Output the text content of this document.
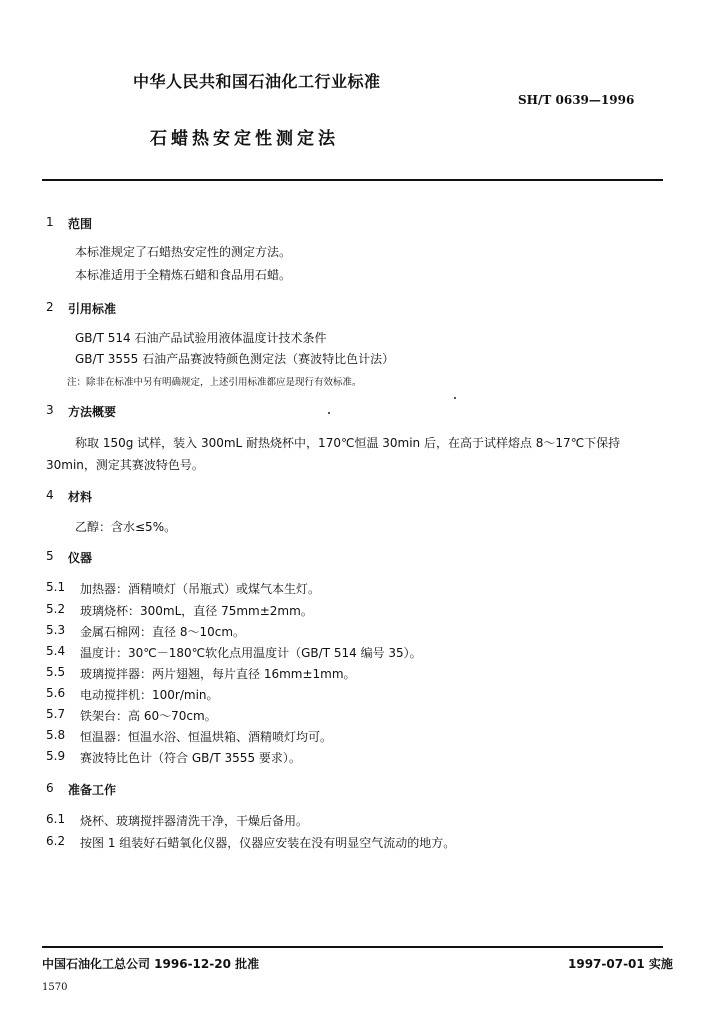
中华人民共和国石油化工行业标准
SH/T 0639—1996
石蜡热安定性测定法
1 范围
本标准规定了石蜡热安定性的测定方法。
本标准适用于全精炼石蜡和食品用石蜡。
2 引用标准
GB/T 514 石油产品试验用液体温度计技术条件
GB/T 3555 石油产品赛波特颜色测定法（赛波特比色计法）
注：除非在标准中另有明确规定，上述引用标准都应是现行有效标准。
3 方法概要
称取 150g 试样，装入 300mL 耐热烧杯中，170℃恒温 30min 后，在高于试样熔点 8～17℃下保持
30min，测定其赛波特色号。
4 材料
乙醇：含水≤5%。
5 仪器
5.1 加热器：酒精喷灯（吊瓶式）或煤气本生灯。
5.2 玻璃烧杯：300mL，直径 75mm±2mm。
5.3 金属石棉网：直径 8～10cm。
5.4 温度计：30℃－180℃软化点用温度计（GB/T 514 编号 35）。
5.5 玻璃搅拌器：两片翅翘，每片直径 16mm±1mm。
5.6 电动搅拌机：100r/min。
5.7 铁架台：高 60～70cm。
5.8 恒温器：恒温水浴、恒温烘箱、酒精喷灯均可。
5.9 赛波特比色计（符合 GB/T 3555 要求）。
6 准备工作
6.1 烧杯、玻璃搅拌器清洗干净，干燥后备用。
6.2 按图 1 组装好石蜡氧化仪器，仪器应安装在没有明显空气流动的地方。
中国石油化工总公司 1996-12-20 批准	1997-07-01 实施
1570
